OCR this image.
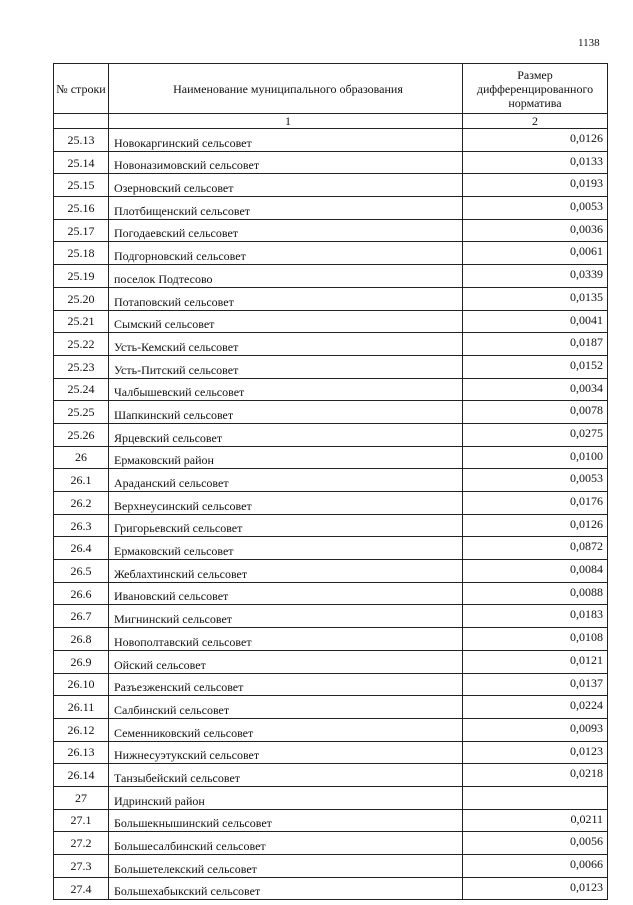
1138
№ строки	Наименование муниципального образования	Размер дифференцированного норматива
	1	2
25.13	Новокаргинский сельсовет	0,0126
25.14	Новоназимовский сельсовет	0,0133
25.15	Озерновский сельсовет	0,0193
25.16	Плотбищенский сельсовет	0,0053
25.17	Погодаевский сельсовет	0,0036
25.18	Подгорновский сельсовет	0,0061
25.19	поселок Подтесово	0,0339
25.20	Потаповский сельсовет	0,0135
25.21	Сымский сельсовет	0,0041
25.22	Усть-Кемский сельсовет	0,0187
25.23	Усть-Питский сельсовет	0,0152
25.24	Чалбышевский сельсовет	0,0034
25.25	Шапкинский сельсовет	0,0078
25.26	Ярцевский сельсовет	0,0275
26	Ермаковский район	0,0100
26.1	Араданский сельсовет	0,0053
26.2	Верхнеусинский сельсовет	0,0176
26.3	Григорьевский сельсовет	0,0126
26.4	Ермаковский сельсовет	0,0872
26.5	Жеблахтинский сельсовет	0,0084
26.6	Ивановский сельсовет	0,0088
26.7	Мигнинский сельсовет	0,0183
26.8	Новополтавский сельсовет	0,0108
26.9	Ойский сельсовет	0,0121
26.10	Разъезженский сельсовет	0,0137
26.11	Салбинский сельсовет	0,0224
26.12	Семенниковский сельсовет	0,0093
26.13	Нижнесуэтукский сельсовет	0,0123
26.14	Танзыбейский сельсовет	0,0218
27	Идринский район	
27.1	Большекнышинский сельсовет	0,0211
27.2	Большесалбинский сельсовет	0,0056
27.3	Большетелекский сельсовет	0,0066
27.4	Большехабыкский сельсовет	0,0123
